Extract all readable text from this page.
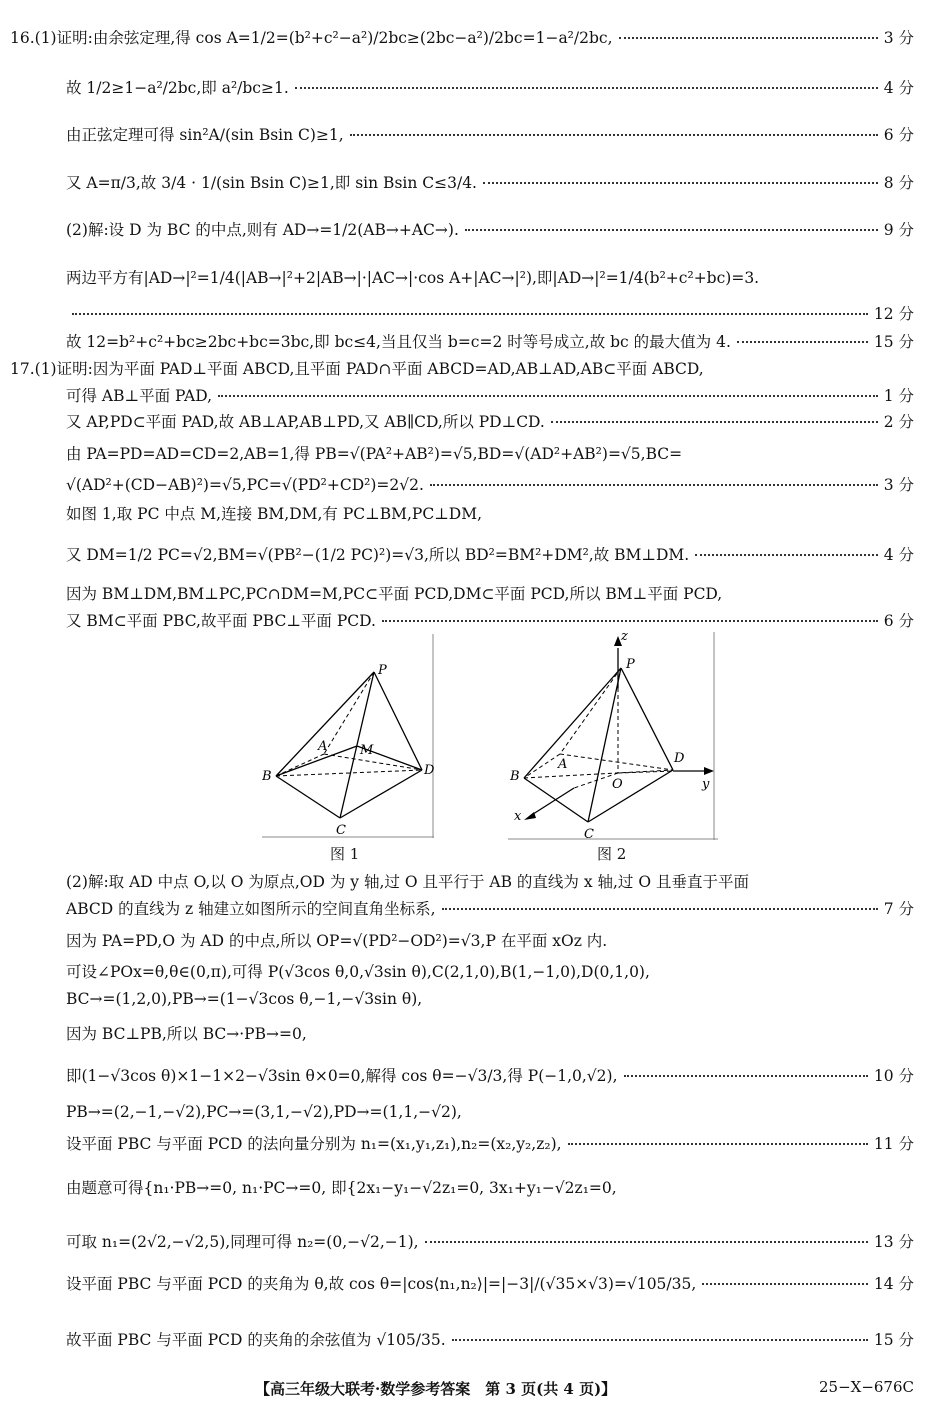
16.(1)证明:由余弦定理,得 cos A=1/2=(b²+c²−a²)/2bc≥(2bc−a²)/2bc=1−a²/2bc,	3 分
故 1/2≥1−a²/2bc,即 a²/bc≥1.	4 分
由正弦定理可得 sin²A/(sin Bsin C)≥1,	6 分
又 A=π/3,故 3/4 · 1/(sin Bsin C)≥1,即 sin Bsin C≤3/4.	8 分
(2)解:设 D 为 BC 的中点,则有 AD→=1/2(AB→+AC→).	9 分
两边平方有|AD→|²=1/4(|AB→|²+2|AB→|·|AC→|·cos A+|AC→|²),即|AD→|²=1/4(b²+c²+bc)=3.
12 分
故 12=b²+c²+bc≥2bc+bc=3bc,即 bc≤4,当且仅当 b=c=2 时等号成立,故 bc 的最大值为 4.	15 分
17.(1)证明:因为平面 PAD⊥平面 ABCD,且平面 PAD∩平面 ABCD=AD,AB⊥AD,AB⊂平面 ABCD,
可得 AB⊥平面 PAD,	1 分
又 AP,PD⊂平面 PAD,故 AB⊥AP,AB⊥PD,又 AB∥CD,所以 PD⊥CD.	2 分
由 PA=PD=AD=CD=2,AB=1,得 PB=√(PA²+AB²)=√5,BD=√(AD²+AB²)=√5,BC=
√(AD²+(CD−AB)²)=√5,PC=√(PD²+CD²)=2√2.	3 分
如图 1,取 PC 中点 M,连接 BM,DM,有 PC⊥BM,PC⊥DM,
又 DM=1/2 PC=√2,BM=√(PB²−(1/2 PC)²)=√3,所以 BD²=BM²+DM²,故 BM⊥DM.	4 分
因为 BM⊥DM,BM⊥PC,PC∩DM=M,PC⊂平面 PCD,DM⊂平面 PCD,所以 BM⊥平面 PCD,
又 BM⊂平面 PBC,故平面 PBC⊥平面 PCD.	6 分
P
A	M
B	D
C
图 1
z
P
A
O
B
D
y
x
C
图 2
(2)解:取 AD 中点 O,以 O 为原点,OD 为 y 轴,过 O 且平行于 AB 的直线为 x 轴,过 O 且垂直于平面
ABCD 的直线为 z 轴建立如图所示的空间直角坐标系,	7 分
因为 PA=PD,O 为 AD 的中点,所以 OP=√(PD²−OD²)=√3,P 在平面 xOz 内.
可设∠POx=θ,θ∈(0,π),可得 P(√3cos θ,0,√3sin θ),C(2,1,0),B(1,−1,0),D(0,1,0),
BC→=(1,2,0),PB→=(1−√3cos θ,−1,−√3sin θ),
因为 BC⊥PB,所以 BC→·PB→=0,
即(1−√3cos θ)×1−1×2−√3sin θ×0=0,解得 cos θ=−√3/3,得 P(−1,0,√2),	10 分
PB→=(2,−1,−√2),PC→=(3,1,−√2),PD→=(1,1,−√2),
设平面 PBC 与平面 PCD 的法向量分别为 n₁=(x₁,y₁,z₁),n₂=(x₂,y₂,z₂),	11 分
由题意可得{n₁·PB→=0, n₁·PC→=0, 即{2x₁−y₁−√2z₁=0, 3x₁+y₁−√2z₁=0,
可取 n₁=(2√2,−√2,5),同理可得 n₂=(0,−√2,−1),	13 分
设平面 PBC 与平面 PCD 的夹角为 θ,故 cos θ=|cos⟨n₁,n₂⟩|=|−3|/(√35×√3)=√105/35,	14 分
故平面 PBC 与平面 PCD 的夹角的余弦值为 √105/35.	15 分
【高三年级大联考·数学参考答案　第 3 页(共 4 页)】	25−X−676C
